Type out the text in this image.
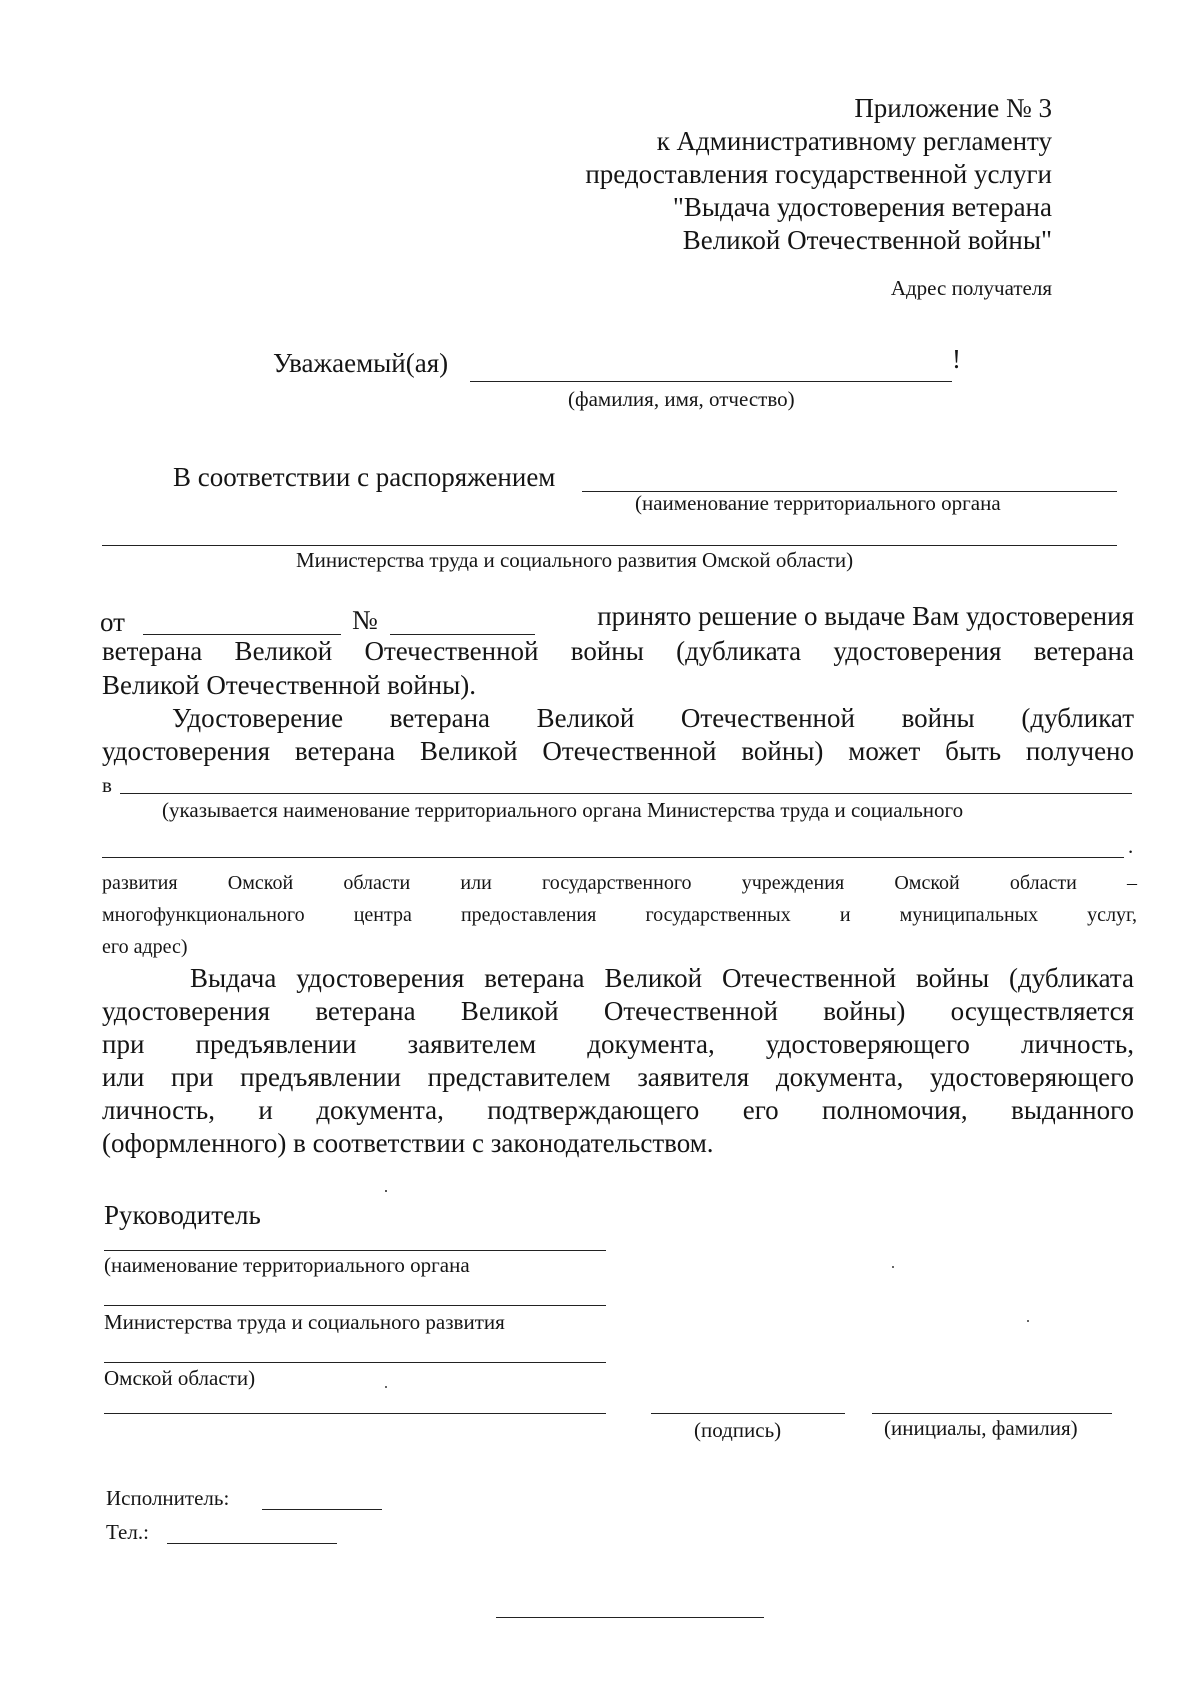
Приложение № 3
к Административному регламенту
предоставления государственной услуги
"Выдача удостоверения ветерана
Великой Отечественной войны"
Адрес получателя
Уважаемый(ая)	!
(фамилия, имя, отчество)
В соответствии с распоряжением
(наименование территориального органа
Министерства труда и социального развития Омской области)
от	№	принято решение о выдаче Вам удостоверения
ветерана Великой Отечественной войны (дубликата удостоверения ветерана
Великой Отечественной войны).
Удостоверение ветерана Великой Отечественной войны (дубликат
удостоверения ветерана Великой Отечественной войны) может быть получено
в
(указывается наименование территориального органа Министерства труда и социального
.
развития Омской области или государственного учреждения Омской области –
многофункционального центра предоставления государственных и муниципальных услуг,
его адрес)
Выдача удостоверения ветерана Великой Отечественной войны (дубликата
удостоверения ветерана Великой Отечественной войны) осуществляется
при предъявлении заявителем документа, удостоверяющего личность,
или при предъявлении представителем заявителя документа, удостоверяющего
личность, и документа, подтверждающего его полномочия, выданного
(оформленного) в соответствии с законодательством.
Руководитель
(наименование территориального органа
Министерства труда и социального развития
Омской области)
(подпись)	(инициалы, фамилия)
Исполнитель:
Тел.:
